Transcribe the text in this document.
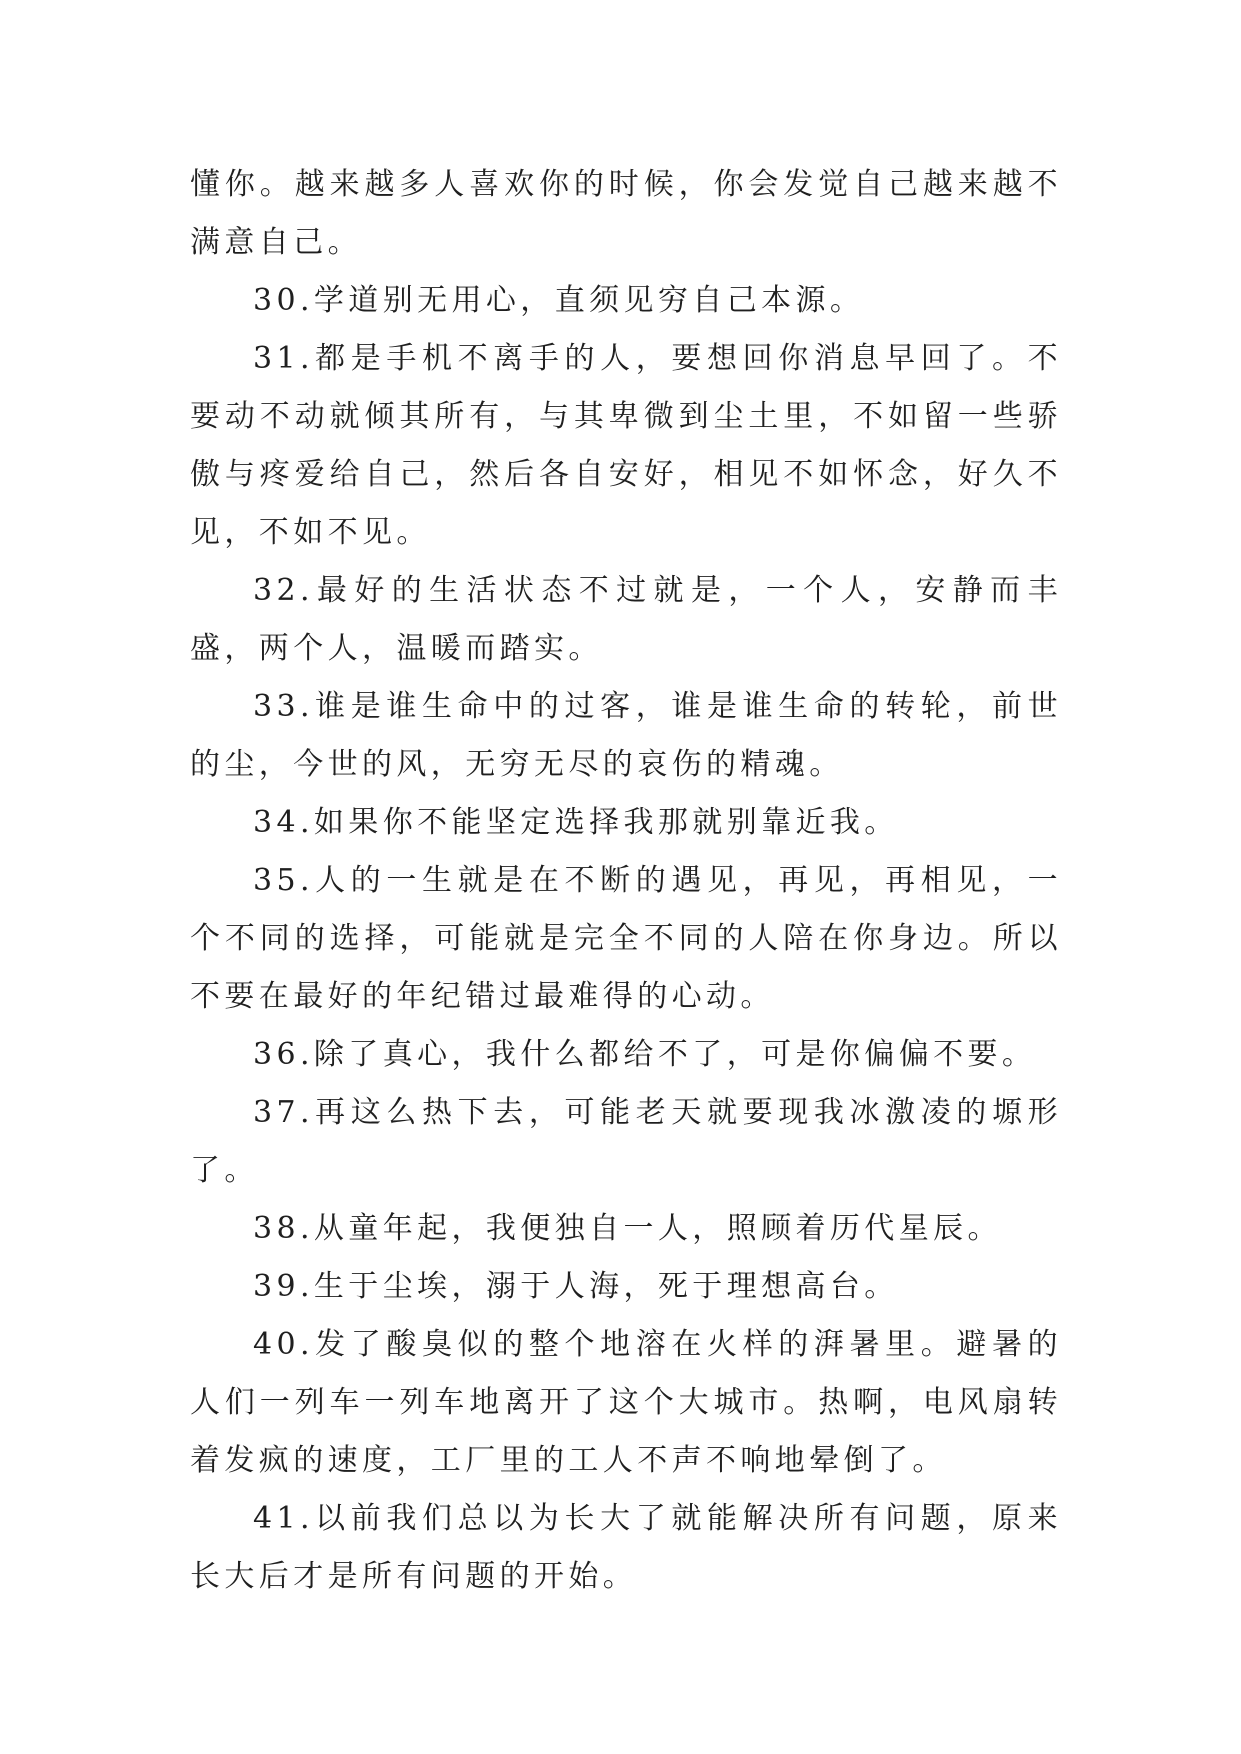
懂你。越来越多人喜欢你的时候，你会发觉自己越来越不满意自己。

30.学道别无用心，直须见穷自己本源。

31.都是手机不离手的人，要想回你消息早回了。不要动不动就倾其所有，与其卑微到尘土里，不如留一些骄傲与疼爱给自己，然后各自安好，相见不如怀念，好久不见，不如不见。

32.最好的生活状态不过就是，一个人，安静而丰盛，两个人，温暖而踏实。

33.谁是谁生命中的过客，谁是谁生命的转轮，前世的尘，今世的风，无穷无尽的哀伤的精魂。

34.如果你不能坚定选择我那就别靠近我。

35.人的一生就是在不断的遇见，再见，再相见，一个不同的选择，可能就是完全不同的人陪在你身边。所以不要在最好的年纪错过最难得的心动。

36.除了真心，我什么都给不了，可是你偏偏不要。

37.再这么热下去，可能老天就要现我冰激凌的塬形了。

38.从童年起，我便独自一人，照顾着历代星辰。

39.生于尘埃，溺于人海，死于理想高台。

40.发了酸臭似的整个地溶在火样的湃暑里。避暑的人们一列车一列车地离开了这个大城市。热啊，电风扇转着发疯的速度，工厂里的工人不声不响地晕倒了。

41.以前我们总以为长大了就能解决所有问题，原来长大后才是所有问题的开始。
